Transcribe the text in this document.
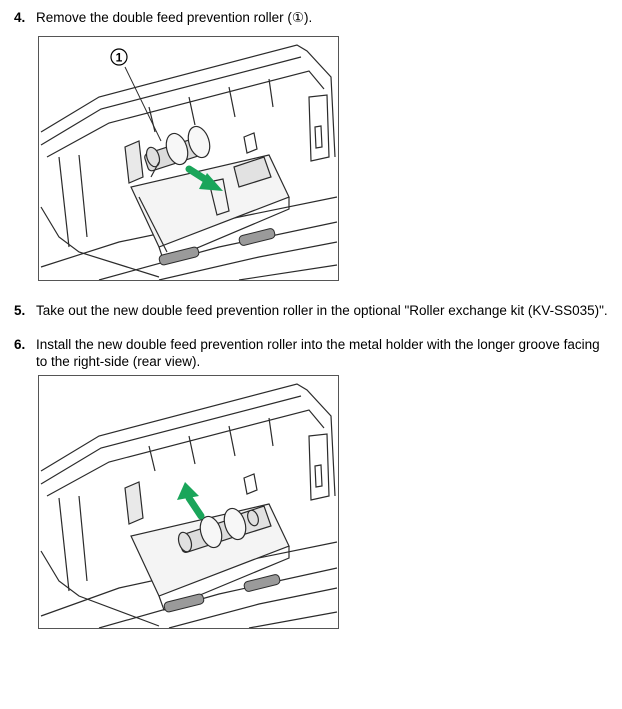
4. Remove the double feed prevention roller (①).
1
5. Take out the new double feed prevention roller in the optional "Roller exchange kit (KV-SS035)".
6. Install the new double feed prevention roller into the metal holder with the longer groove facing to the right-side (rear view).
